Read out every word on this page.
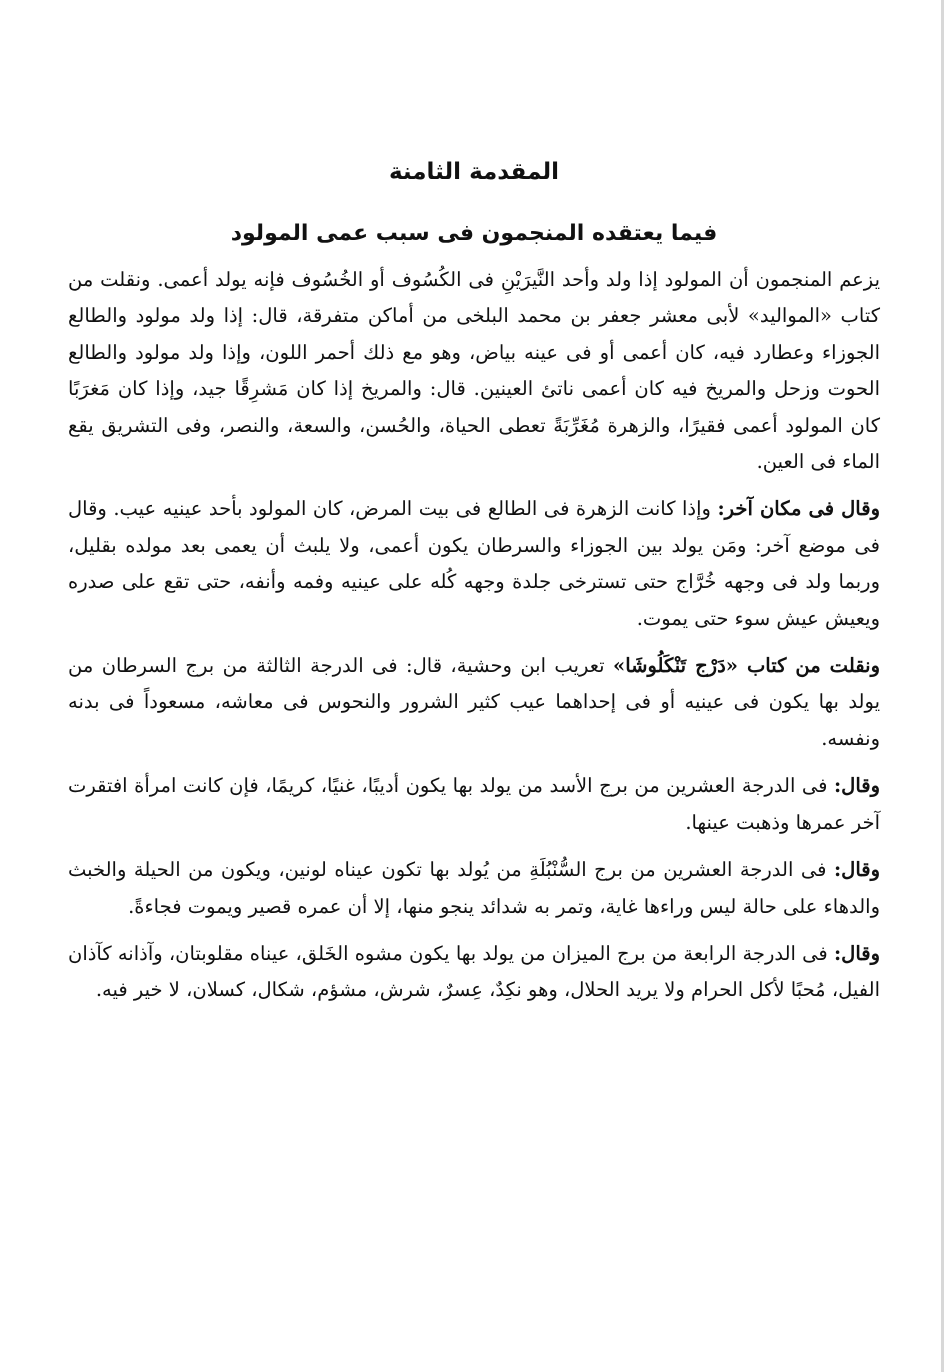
المقدمة الثامنة
فيما يعتقده المنجمون فى سبب عمى المولود

يزعم المنجمون أن المولود إذا ولد وأحد النَّيرَيْنِ فى الكُسُوف أو الخُسُوف فإنه يولد أعمى. ونقلت من كتاب «المواليد» لأبى معشر جعفر بن محمد البلخى من أماكن متفرقة، قال: إذا ولد مولود والطالع الجوزاء وعطارد فيه، كان أعمى أو فى عينه بياض، وهو مع ذلك أحمر اللون، وإذا ولد مولود والطالع الحوت وزحل والمريخ فيه كان أعمى ناتئ العينين. قال: والمريخ إذا كان مَشرِقًا جيد، وإذا كان مَغرَبًا كان المولود أعمى فقيرًا، والزهرة مُغَرِّبَةً تعطى الحياة، والحُسن، والسعة، والنصر، وفى التشريق يقع الماء فى العين.

وقال فى مكان آخر: وإذا كانت الزهرة فى الطالع فى بيت المرض، كان المولود بأحد عينيه عيب. وقال فى موضع آخر: ومَن يولد بين الجوزاء والسرطان يكون أعمى، ولا يلبث أن يعمى بعد مولده بقليل، وربما ولد فى وجهه خُرَّاج حتى تسترخى جلدة وجهه كُله على عينيه وفمه وأنفه، حتى تقع على صدره ويعيش عيش سوء حتى يموت.

ونقلت من كتاب «دَرْج تَنْكَلُوشَا» تعريب ابن وحشية، قال: فى الدرجة الثالثة من برج السرطان من يولد بها يكون فى عينيه أو فى إحداهما عيب كثير الشرور والنحوس فى معاشه، مسعوداً فى بدنه ونفسه.

وقال: فى الدرجة العشرين من برج الأسد من يولد بها يكون أديبًا، غنيًا، كريمًا، فإن كانت امرأة افتقرت آخر عمرها وذهبت عينها.

وقال: فى الدرجة العشرين من برج السُّنْبُلَةِ من يُولد بها تكون عيناه لونين، ويكون من الحيلة والخبث والدهاء على حالة ليس وراءها غاية، وتمر به شدائد ينجو منها، إلا أن عمره قصير ويموت فجاءةً.

وقال: فى الدرجة الرابعة من برج الميزان من يولد بها يكون مشوه الخَلق، عيناه مقلوبتان، وآذانه كآذان الفيل، مُحبًا لأكل الحرام ولا يريد الحلال، وهو نكِدٌ، عِسرٌ، شرش، مشؤم، شكال، كسلان، لا خير فيه.
